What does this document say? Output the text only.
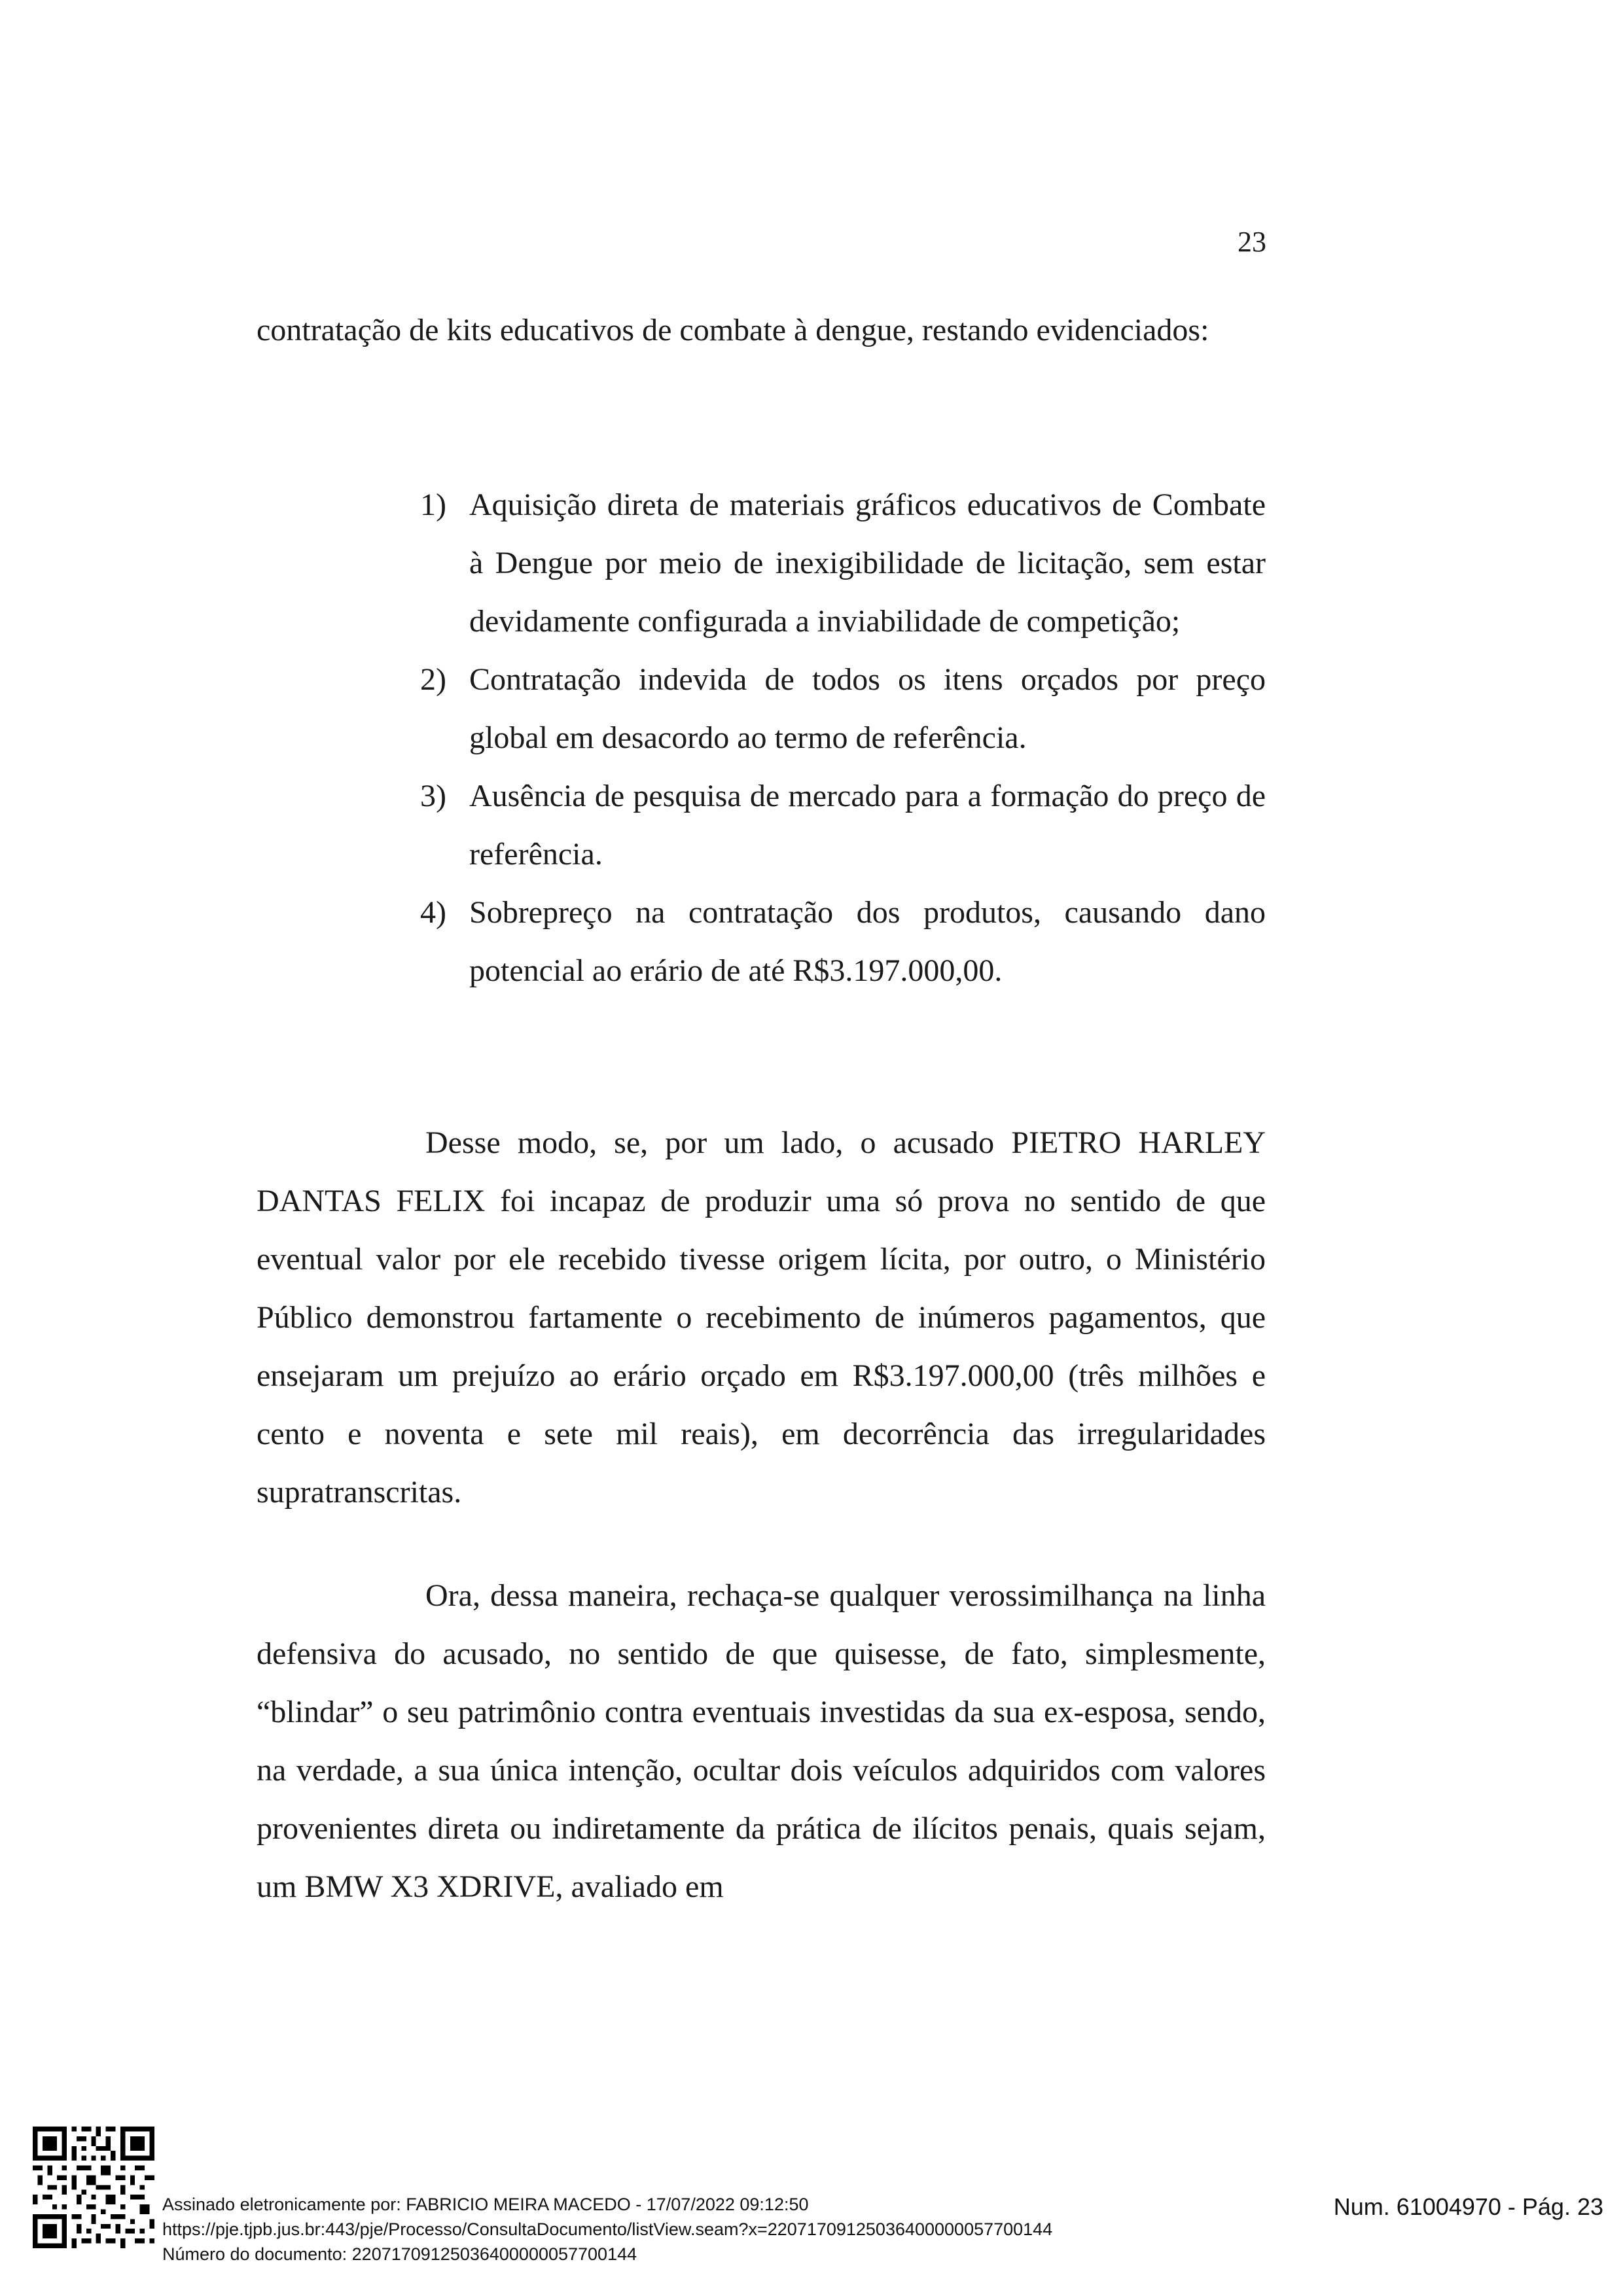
23

contratação de kits educativos de combate à dengue, restando evidenciados:

1) Aquisição direta de materiais gráficos educativos de Combate à Dengue por meio de inexigibilidade de licitação, sem estar devidamente configurada a inviabilidade de competição;
2) Contratação indevida de todos os itens orçados por preço global em desacordo ao termo de referência.
3) Ausência de pesquisa de mercado para a formação do preço de referência.
4) Sobrepreço na contratação dos produtos, causando dano potencial ao erário de até R$3.197.000,00.

Desse modo, se, por um lado, o acusado PIETRO HARLEY DANTAS FELIX foi incapaz de produzir uma só prova no sentido de que eventual valor por ele recebido tivesse origem lícita, por outro, o Ministério Público demonstrou fartamente o recebimento de inúmeros pagamentos, que ensejaram um prejuízo ao erário orçado em R$3.197.000,00 (três milhões e cento e noventa e sete mil reais), em decorrência das irregularidades supratranscritas.

Ora, dessa maneira, rechaça-se qualquer verossimilhança na linha defensiva do acusado, no sentido de que quisesse, de fato, simplesmente, “blindar” o seu patrimônio contra eventuais investidas da sua ex-esposa, sendo, na verdade, a sua única intenção, ocultar dois veículos adquiridos com valores provenientes direta ou indiretamente da prática de ilícitos penais, quais sejam, um BMW X3 XDRIVE, avaliado em

Assinado eletronicamente por: FABRICIO MEIRA MACEDO - 17/07/2022 09:12:50
https://pje.tjpb.jus.br:443/pje/Processo/ConsultaDocumento/listView.seam?x=22071709125036400000057700144
Número do documento: 22071709125036400000057700144
Num. 61004970 - Pág. 23
